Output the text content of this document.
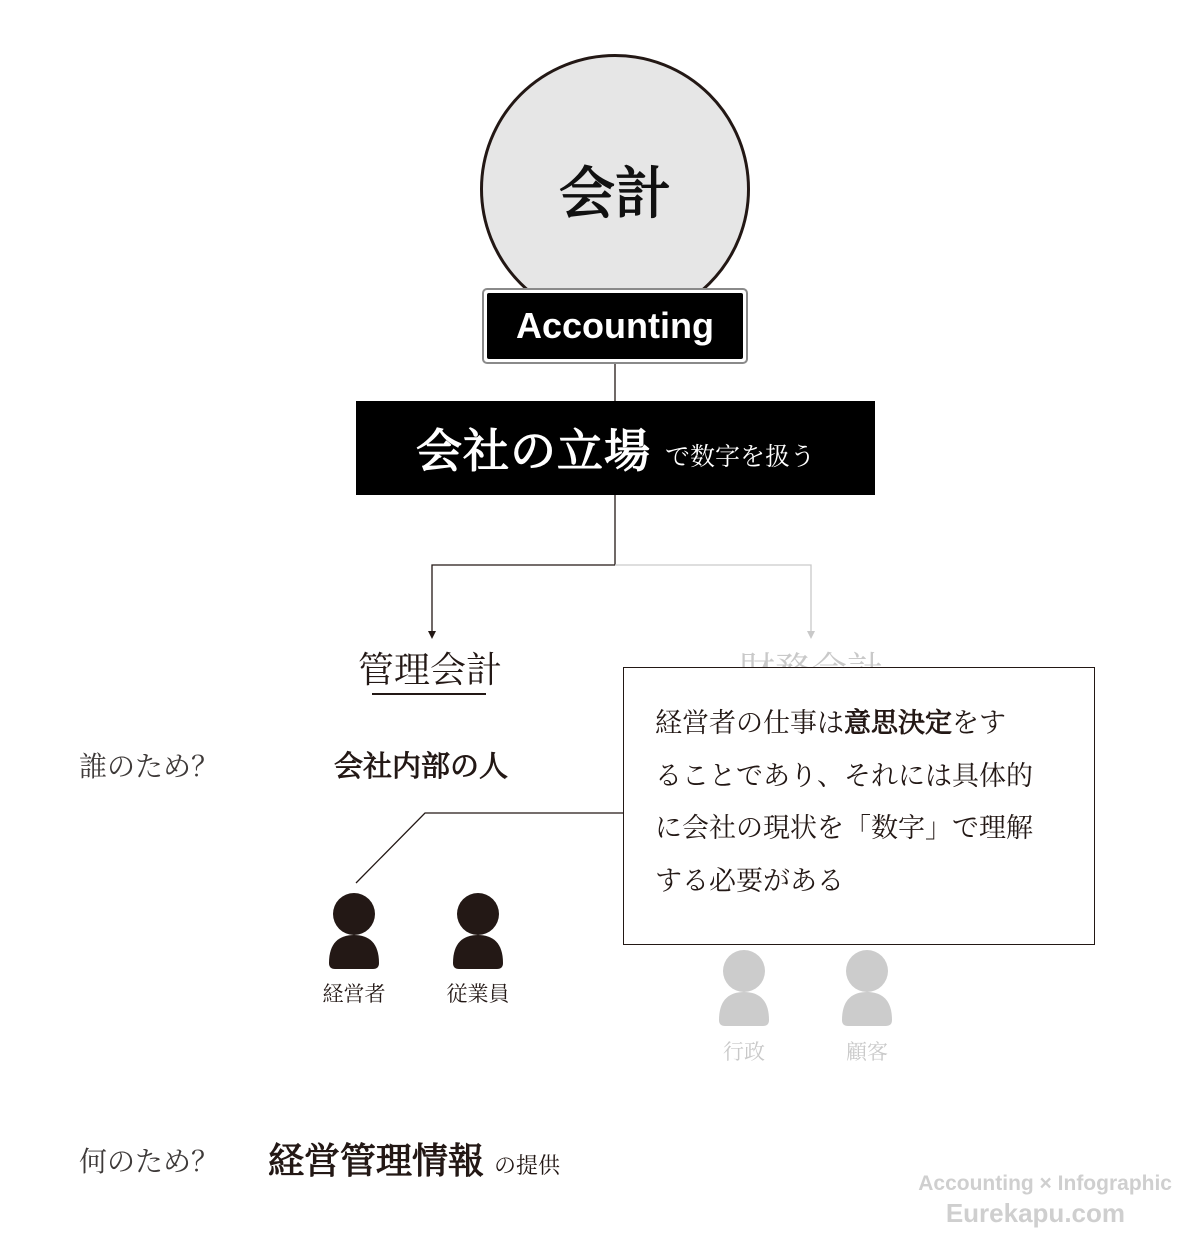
会計
Accounting
会社の立場 で数字を扱う
管理会計
誰のため？	会社内部の人
経営者	従業員
行政	顧客
経営者の仕事は意思決定をす
ることであり、それには具体的
に会社の現状を「数字」で理解
する必要がある
何のため？ 経営管理情報 の提供
Accounting × Infographic
Eurekapu.com
